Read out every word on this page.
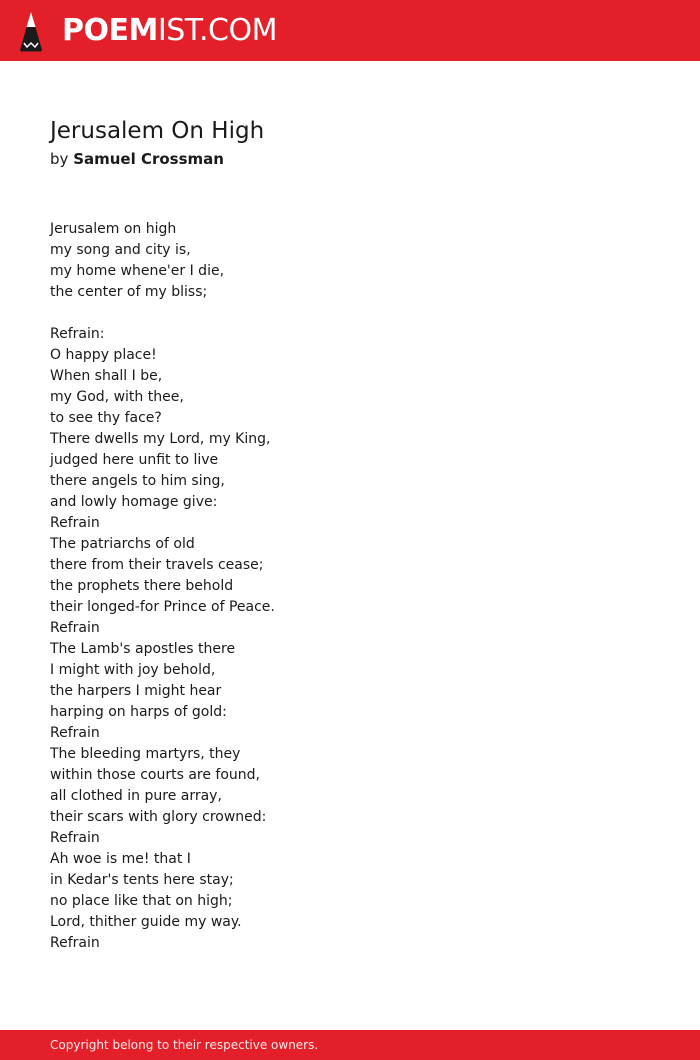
POEMIST.COM
Jerusalem On High
by Samuel Crossman
Jerusalem on high
my song and city is,
my home whene'er I die,
the center of my bliss;
Refrain:
O happy place!
When shall I be,
my God, with thee,
to see thy face?
There dwells my Lord, my King,
judged here unfit to live
there angels to him sing,
and lowly homage give:
Refrain
The patriarchs of old
there from their travels cease;
the prophets there behold
their longed-for Prince of Peace.
Refrain
The Lamb's apostles there
I might with joy behold,
the harpers I might hear
harping on harps of gold:
Refrain
The bleeding martyrs, they
within those courts are found,
all clothed in pure array,
their scars with glory crowned:
Refrain
Ah woe is me! that I
in Kedar's tents here stay;
no place like that on high;
Lord, thither guide my way.
Refrain
Copyright belong to their respective owners.
